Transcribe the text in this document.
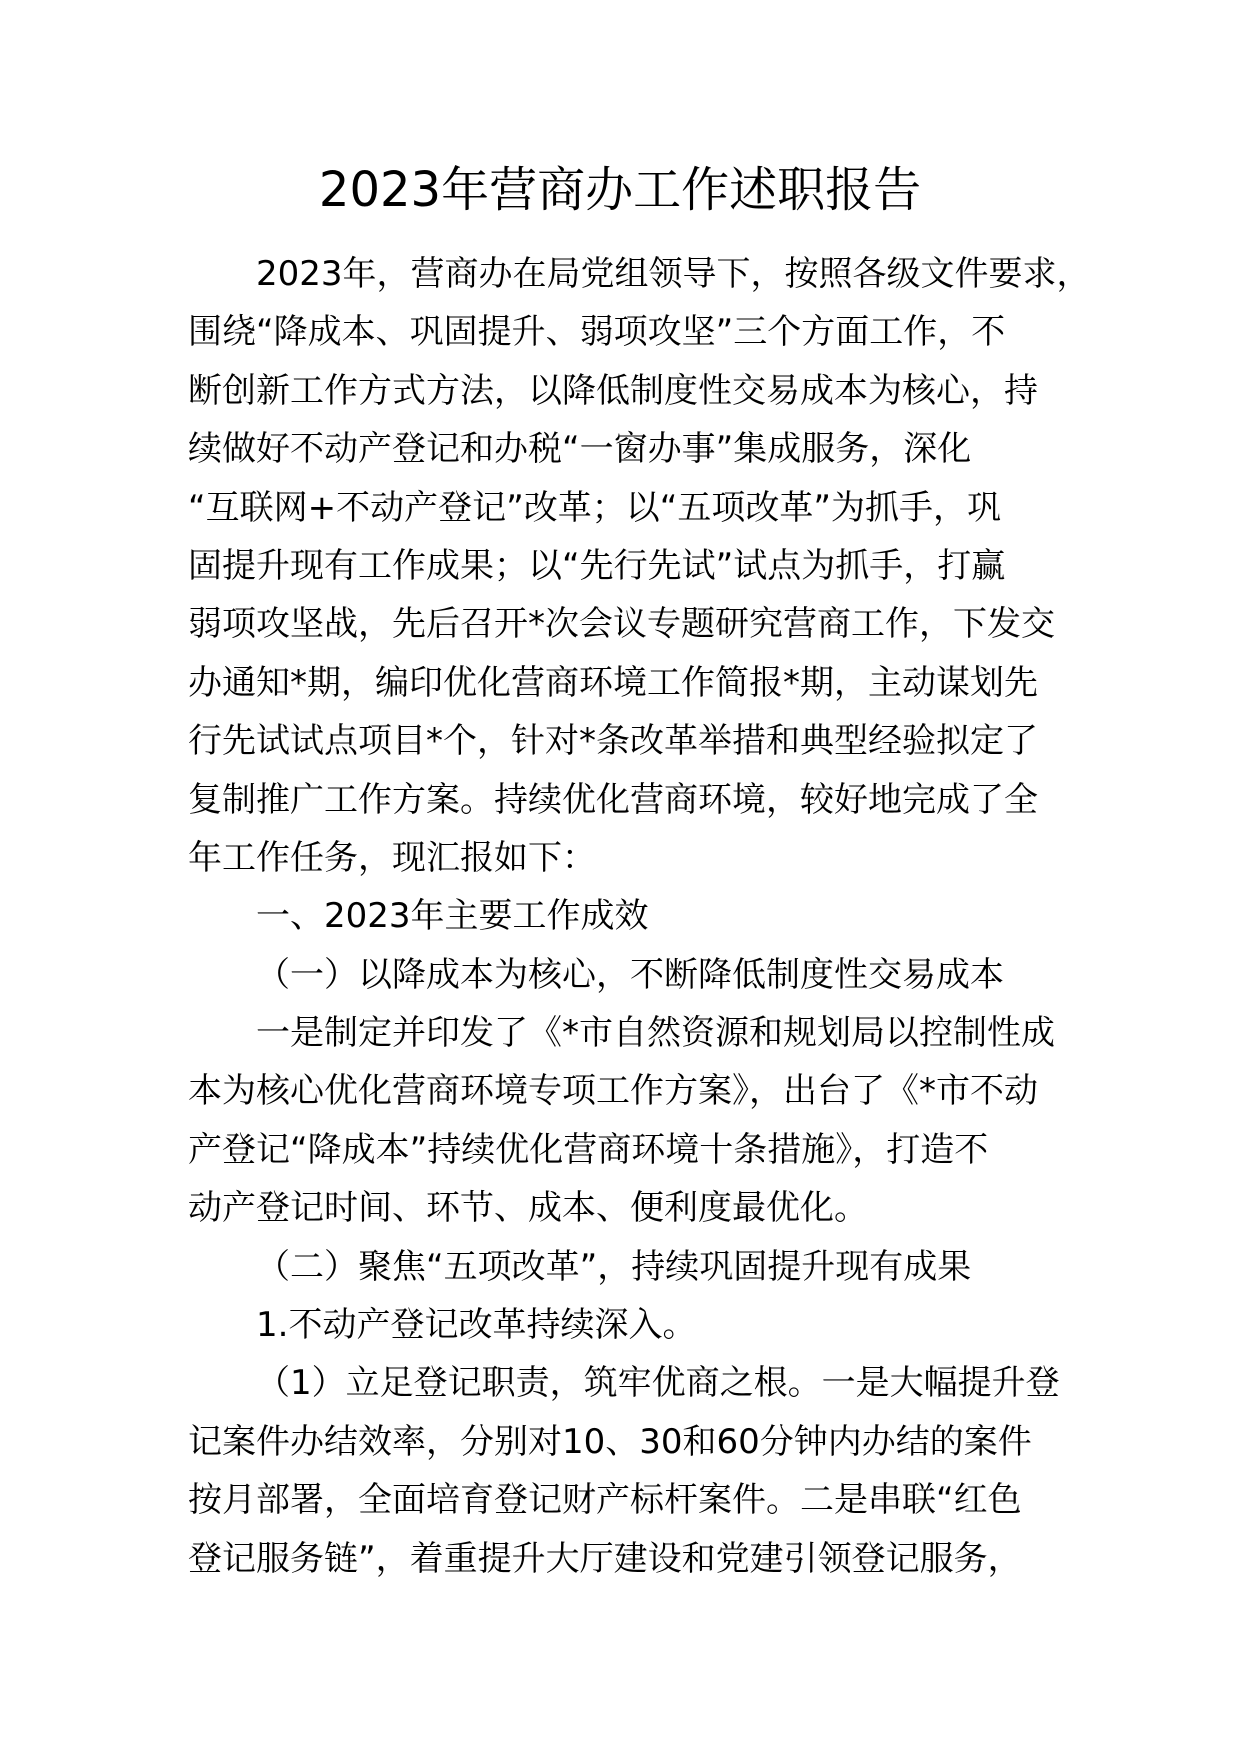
2023年营商办工作述职报告
2023年，营商办在局党组领导下，按照各级文件要求，
围绕“降成本、巩固提升、弱项攻坚”三个方面工作，不
断创新工作方式方法，以降低制度性交易成本为核心，持
续做好不动产登记和办税“一窗办事”集成服务，深化
“互联网+不动产登记”改革；以“五项改革”为抓手，巩
固提升现有工作成果；以“先行先试”试点为抓手，打赢
弱项攻坚战，先后召开*次会议专题研究营商工作，下发交
办通知*期，编印优化营商环境工作简报*期，主动谋划先
行先试试点项目*个，针对*条改革举措和典型经验拟定了
复制推广工作方案。持续优化营商环境，较好地完成了全
年工作任务，现汇报如下：
一、2023年主要工作成效
（一）以降成本为核心，不断降低制度性交易成本
一是制定并印发了《*市自然资源和规划局以控制性成
本为核心优化营商环境专项工作方案》，出台了《*市不动
产登记“降成本”持续优化营商环境十条措施》，打造不
动产登记时间、环节、成本、便利度最优化。
（二）聚焦“五项改革”，持续巩固提升现有成果
1.不动产登记改革持续深入。
（1）立足登记职责，筑牢优商之根。一是大幅提升登
记案件办结效率，分别对10、30和60分钟内办结的案件
按月部署，全面培育登记财产标杆案件。二是串联“红色
登记服务链”，着重提升大厅建设和党建引领登记服务，
